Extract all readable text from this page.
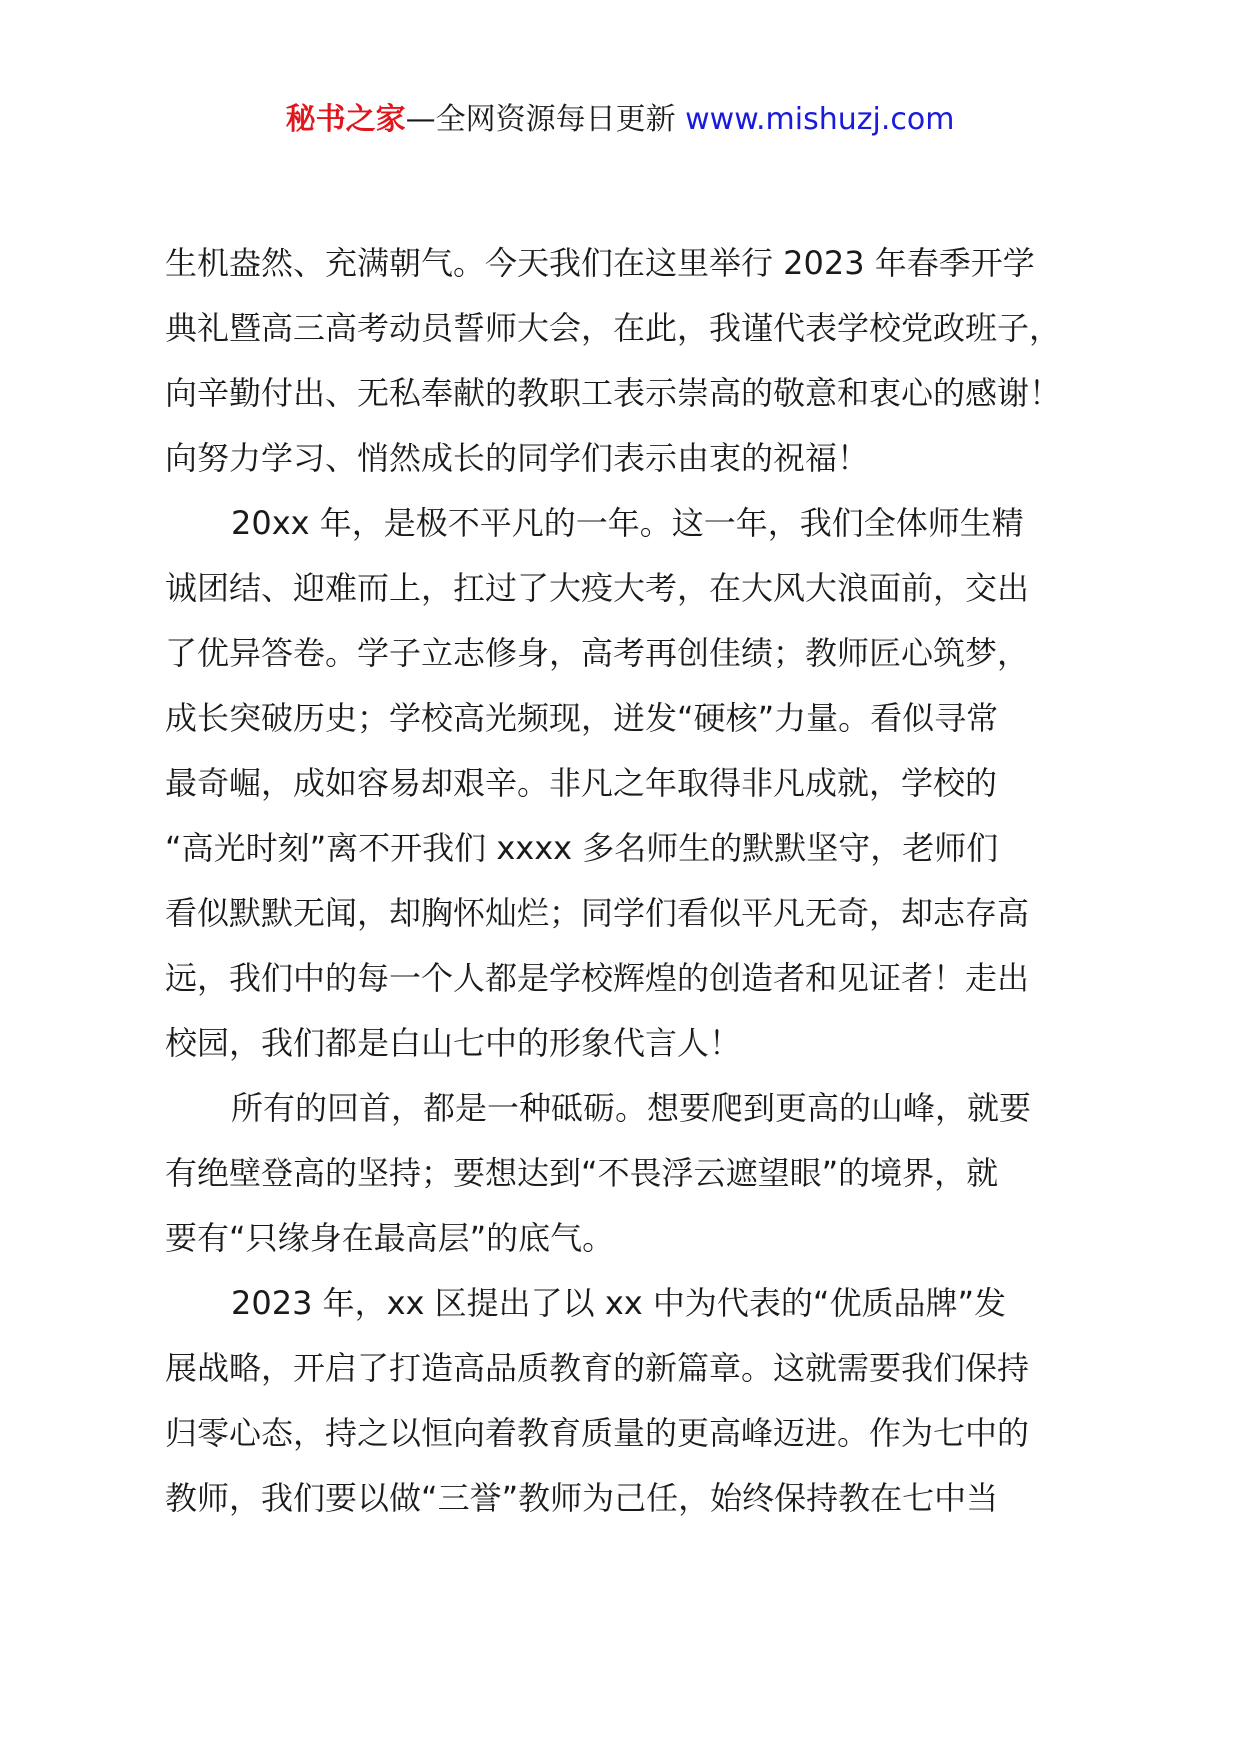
秘书之家—全网资源每日更新 www.mishuzj.com
生机盎然、充满朝气。今天我们在这里举行 2023 年春季开学
典礼暨高三高考动员誓师大会，在此，我谨代表学校党政班子，
向辛勤付出、无私奉献的教职工表示崇高的敬意和衷心的感谢！
向努力学习、悄然成长的同学们表示由衷的祝福！
20xx 年，是极不平凡的一年。这一年，我们全体师生精
诚团结、迎难而上，扛过了大疫大考，在大风大浪面前，交出
了优异答卷。学子立志修身，高考再创佳绩；教师匠心筑梦，
成长突破历史；学校高光频现，迸发“硬核”力量。看似寻常
最奇崛，成如容易却艰辛。非凡之年取得非凡成就，学校的
“高光时刻”离不开我们 xxxx 多名师生的默默坚守，老师们
看似默默无闻，却胸怀灿烂；同学们看似平凡无奇，却志存高
远，我们中的每一个人都是学校辉煌的创造者和见证者！走出
校园，我们都是白山七中的形象代言人！
所有的回首，都是一种砥砺。想要爬到更高的山峰，就要
有绝壁登高的坚持；要想达到“不畏浮云遮望眼”的境界，就
要有“只缘身在最高层”的底气。
2023 年，xx 区提出了以 xx 中为代表的“优质品牌”发
展战略，开启了打造高品质教育的新篇章。这就需要我们保持
归零心态，持之以恒向着教育质量的更高峰迈进。作为七中的
教师，我们要以做“三誉”教师为己任，始终保持教在七中当
